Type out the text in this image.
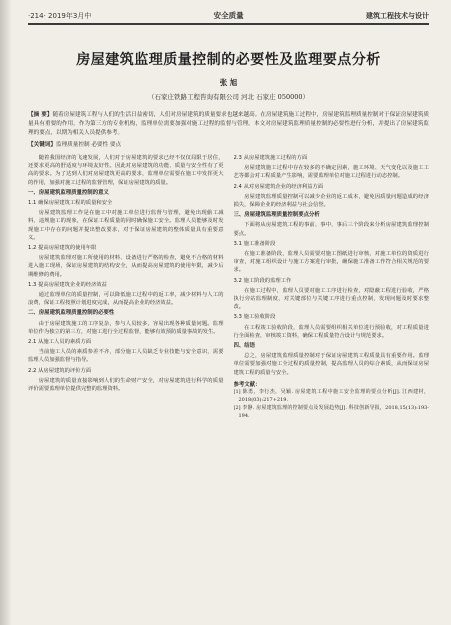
·214· 2019年3月中	安全质量	建筑工程技术与设计
房屋建筑监理质量控制的必要性及监理要点分析
张 旭
（石家庄铁路工程咨询有限公司 河北 石家庄 050000）
【摘 要】随着房屋建筑工程与人们的生活日益密切，人们对房屋建筑的质量要求也越来越高。在房屋建筑施工过程中，房屋建筑监理质量控制对于保证房屋建筑质量具有重要的作用。作为第三方的专业机构，监理单位需要加强对施工过程的监督与管理。本文对房屋建筑监理质量控制的必要性进行分析，并提出了房屋建筑监理的要点，以期为相关人员提供参考。
【关键词】监理质量控制 必要性 要点

随着我国经济的飞速发展，人们对于房屋建筑的要求已经不仅仅局限于居住，还要求更高的舒适度与环境友好性。因此对房屋建筑的功能、质量与安全性有了更高的要求。为了达到人们对房屋建筑更高的要求，监理单位需要在施工中发挥更大的作用，加强对施工过程的监督管理，保证房屋建筑的质量。

一、房屋建筑监理质量控制的意义

1.1 确保房屋建筑工程的质量和安全

房屋建筑监理工作是在施工中对施工单位进行监督与管理，避免出现偷工减料、违规施工的现象，在保证工程质量的同时确保施工安全。监理人员能够及时发现施工中存在的问题并提出整改要求，对于保证房屋建筑的整体质量具有重要意义。

1.2 提高房屋建筑的使用年限

房屋建筑监理对施工所使用的材料、设备进行严格的检查，避免不合格的材料进入施工现场，保证房屋建筑的结构安全，从而提高房屋建筑的使用年限，减少后期维修的费用。

1.3 提高房屋建筑企业的经济效益

通过监理单位的质量控制，可以降低施工过程中的返工率，减少材料与人工的浪费，保证工程按照计划进度完成，从而提高企业的经济效益。

二、房屋建筑监理质量控制的必要性

由于房屋建筑施工的工序复杂，参与人员较多，容易出现各种质量问题。监理单位作为独立的第三方，对施工进行全过程监督，能够有效预防质量事故的发生。

2.1 从施工人员的素质方面

当前施工人员的素质参差不齐，部分施工人员缺乏专业技能与安全意识，需要监理人员加强监督与指导。

2.2 从房屋建筑的评价方面

房屋建筑的质量直接影响到人们的生命财产安全，对房屋建筑进行科学的质量评价需要监理单位提供完整的监理资料。

2.3 从房屋建筑施工过程的方面

房屋建筑施工过程中存在较多的不确定因素，施工环境、天气变化以及施工工艺等都会对工程质量产生影响，需要监理单位对施工过程进行动态控制。

2.4 从对房屋建筑企业的经济利益方面

房屋建筑监理质量控制可以减少企业的返工成本，避免因质量问题造成的经济损失，保障企业的经济利益与社会信誉。

三、房屋建筑监理质量控制要点分析

下面将从房屋建筑工程的事前、事中、事后三个阶段来分析房屋建筑监理控制要点。

3.1 施工准备阶段

在施工准备阶段，监理人员需要对施工图纸进行审核，对施工单位的资质进行审查，对施工组织设计与施工方案进行审批，确保施工准备工作符合相关规范的要求。

3.2 施工阶段的监理工作

在施工过程中，监理人员要对施工工序进行检查，对隐蔽工程进行验收，严格执行旁站监理制度，对关键部位与关键工序进行重点控制，发现问题及时要求整改。

3.3 施工验收阶段

在工程竣工验收阶段，监理人员需要组织相关单位进行预验收，对工程质量进行全面检查，审核竣工资料，确保工程质量符合设计与规范要求。

四、结语

总之，房屋建筑监理质量控制对于保证房屋建筑工程质量具有重要作用。监理单位需要加强对施工全过程的质量控制，提高监理人员的综合素质，从而保证房屋建筑工程的质量与安全。

参考文献：
[1] 陈勇，李行杰，吴颖. 房屋建筑工程中施工安全监理的要点分析[J]. 江西建材，2018(03):217+219.
[2] 李静. 房屋建筑监理的控制要点及发展趋势[J]. 科技创新导报，2018,15(13):193-194.
